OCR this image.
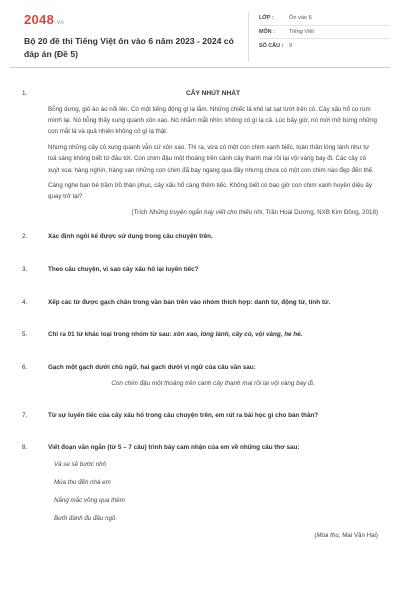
2048 .vn
Bộ 20 đề thi Tiếng Việt ôn vào 6 năm 2023 - 2024 có đáp án (Đề 5)
LỚP :	Ôn vào 6
MÔN :	Tiếng Việt
SỐ CÂU :	9
1.	CÂY NHÚT NHÁT
Bỗng dưng, gió ào ào nổi lên. Có một tiếng động gì lạ lắm. Những chiếc lá khô lạt sạt lướt trên cỏ. Cây xấu hổ co rúm mình lại. Nó bỗng thấy xung quanh xôn xao. Nó nhắm mắt nhìn: không có gì lạ cả. Lúc bấy giờ, nó mới mở bừng những con mắt lá và quả nhiên không có gì lạ thật.
Nhưng những cây cỏ xung quanh vẫn cứ xôn xao. Thì ra, vừa có một con chim xanh biếc, toàn thân lóng lánh như tự toả sáng không biết từ đâu tới. Con chim đậu một thoáng trên cành cây thanh mai rồi lại vội vàng bay đi. Các cây cỏ xuýt xoa: hàng nghìn, hàng vạn những con chim đã bay ngang qua đây nhưng chưa có một con chim nào đẹp đến thế.
Càng nghe bạn bè trầm trồ thán phục, cây xấu hổ càng thêm tiếc. Không biết có bao giờ con chim xanh huyền diệu ấy quay trở lại?
(Trích Những truyện ngắn hay viết cho thiếu nhi, Trần Hoài Dương, NXB Kim Đồng, 2018)
2.	Xác định ngôi kể được sử dụng trong câu chuyện trên.
3.	Theo câu chuyện, vì sao cây xấu hổ lại luyến tiếc?
4.	Xếp các từ được gạch chân trong văn bản trên vào nhóm thích hợp: danh từ, động từ, tính từ.
5.	Chỉ ra 01 từ khác loại trong nhóm từ sau: xôn xao, lóng lánh, cây cỏ, vội vàng, he hé.
6.	Gạch một gạch dưới chủ ngữ, hai gạch dưới vị ngữ của câu văn sau:
Con chim đậu một thoáng trên cành cây thanh mai rồi lại vội vàng bay đi.
7.	Từ sự luyến tiếc của cây xấu hổ trong câu chuyện trên, em rút ra bài học gì cho bản thân?
8.	Viết đoạn văn ngắn (từ 5 – 7 câu) trình bày cảm nhận của em về những câu thơ sau:
Và se sẽ bước nhỏ
Mùa thu đến nhà em
Nắng mắc võng qua thềm
Bưởi đánh đu đầu ngõ.
(Mùa thu, Mai Văn Hai)
